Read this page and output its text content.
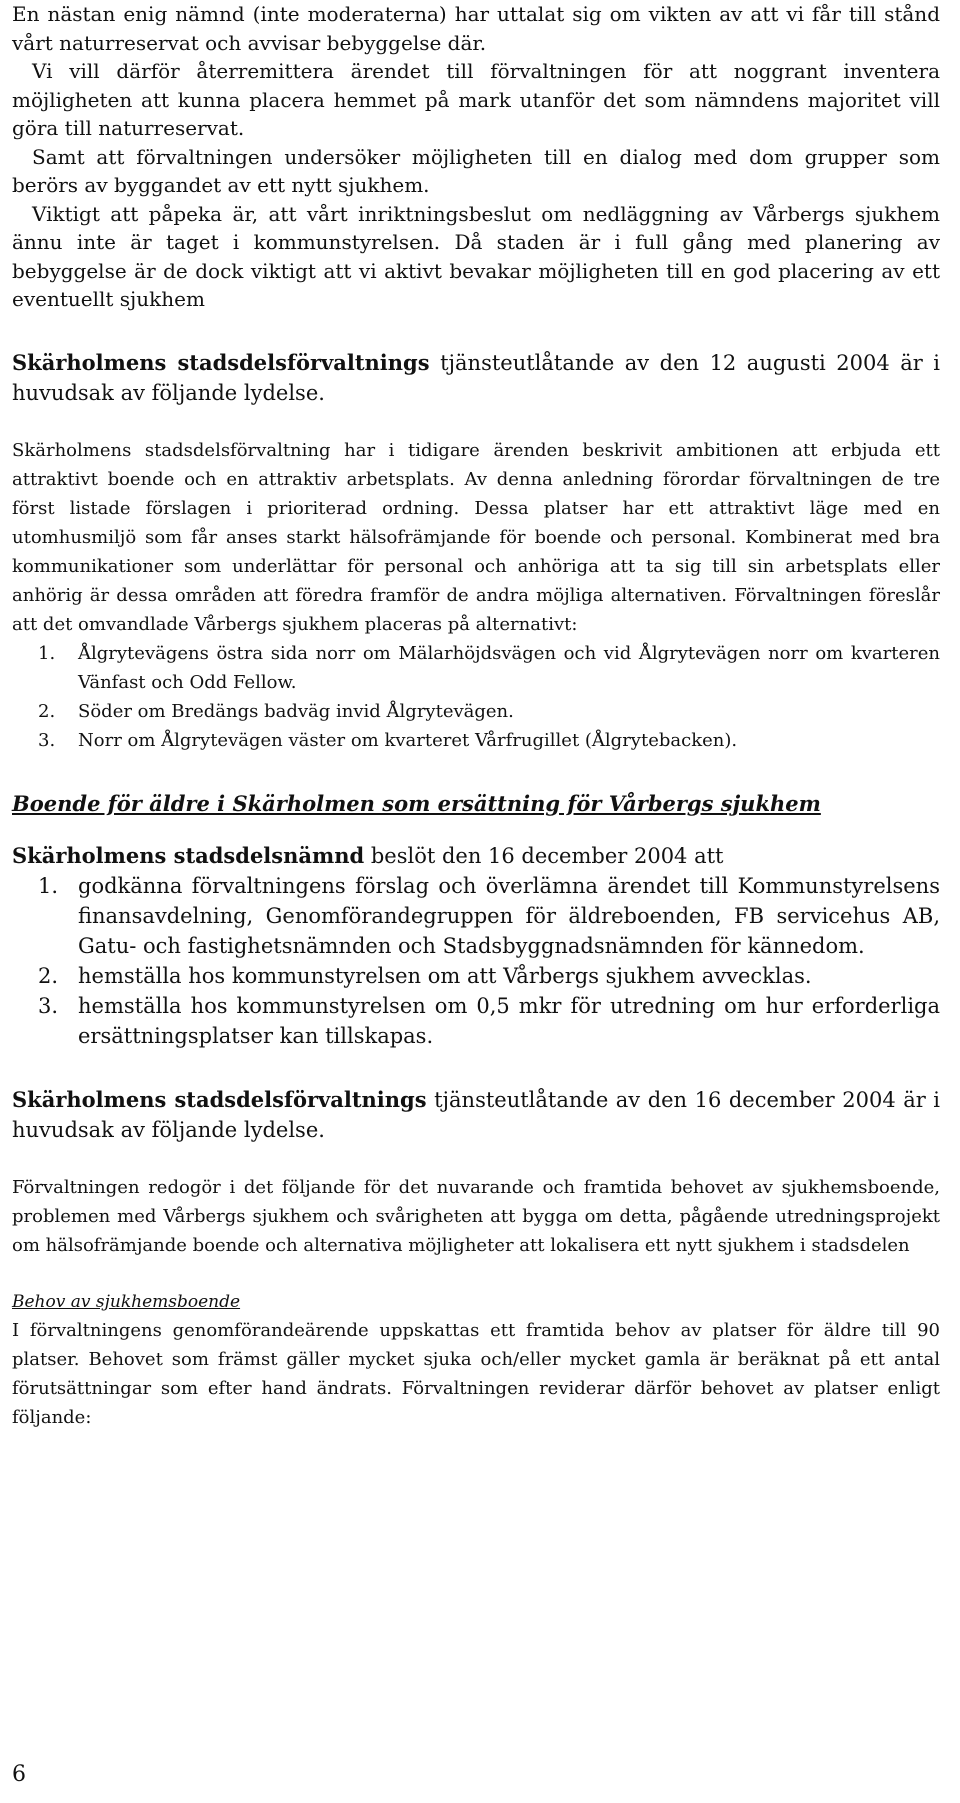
En nästan enig nämnd (inte moderaterna) har uttalat sig om vikten av att vi får till stånd vårt naturreservat och avvisar bebyggelse där.

Vi vill därför återremittera ärendet till förvaltningen för att noggrant inventera möjligheten att kunna placera hemmet på mark utanför det som nämndens majoritet vill göra till naturreservat.

Samt att förvaltningen undersöker möjligheten till en dialog med dom grupper som berörs av byggandet av ett nytt sjukhem.

Viktigt att påpeka är, att vårt inriktningsbeslut om nedläggning av Vårbergs sjukhem ännu inte är taget i kommunstyrelsen. Då staden är i full gång med planering av bebyggelse är de dock viktigt att vi aktivt bevakar möjligheten till en god placering av ett eventuellt sjukhem

Skärholmens stadsdelsförvaltnings tjänsteutlåtande av den 12 augusti 2004 är i huvudsak av följande lydelse.

Skärholmens stadsdelsförvaltning har i tidigare ärenden beskrivit ambitionen att erbjuda ett attraktivt boende och en attraktiv arbetsplats. Av denna anledning förordar förvaltningen de tre först listade förslagen i prioriterad ordning. Dessa platser har ett attraktivt läge med en utomhusmiljö som får anses starkt hälsofrämjande för boende och personal. Kombinerat med bra kommunikationer som underlättar för personal och anhöriga att ta sig till sin arbetsplats eller anhörig är dessa områden att föredra framför de andra möjliga alternativen. Förvaltningen föreslår att det omvandlade Vårbergs sjukhem placeras på alternativt:

1.	Ålgrytevägens östra sida norr om Mälarhöjdsvägen och vid Ålgrytevägen norr om kvarteren Vänfast och Odd Fellow.
2.	Söder om Bredängs badväg invid Ålgrytevägen.
3.	Norr om Ålgrytevägen väster om kvarteret Vårfrugillet (Ålgrytebacken).
Boende för äldre i Skärholmen som ersättning för Vårbergs sjukhem

Skärholmens stadsdelsnämnd beslöt den 16 december 2004 att

1. godkänna förvaltningens förslag och överlämna ärendet till Kommunstyrelsens finansavdelning, Genomförandegruppen för äldreboenden, FB servicehus AB, Gatu- och fastighetsnämnden och Stadsbyggnadsnämnden för kännedom.
2. hemställa hos kommunstyrelsen om att Vårbergs sjukhem avvecklas.
3. hemställa hos kommunstyrelsen om 0,5 mkr för utredning om hur erforderliga ersättningsplatser kan tillskapas.

Skärholmens stadsdelsförvaltnings tjänsteutlåtande av den 16 december 2004 är i huvudsak av följande lydelse.

Förvaltningen redogör i det följande för det nuvarande och framtida behovet av sjukhemsboende, problemen med Vårbergs sjukhem och svårigheten att bygga om detta, pågående utredningsprojekt om hälsofrämjande boende och alternativa möjligheter att lokalisera ett nytt sjukhem i stadsdelen

Behov av sjukhemsboende

I förvaltningens genomförandeärende uppskattas ett framtida behov av platser för äldre till 90 platser. Behovet som främst gäller mycket sjuka och/eller mycket gamla är beräknat på ett antal förutsättningar som efter hand ändrats. Förvaltningen reviderar därför behovet av platser enligt följande:

6
